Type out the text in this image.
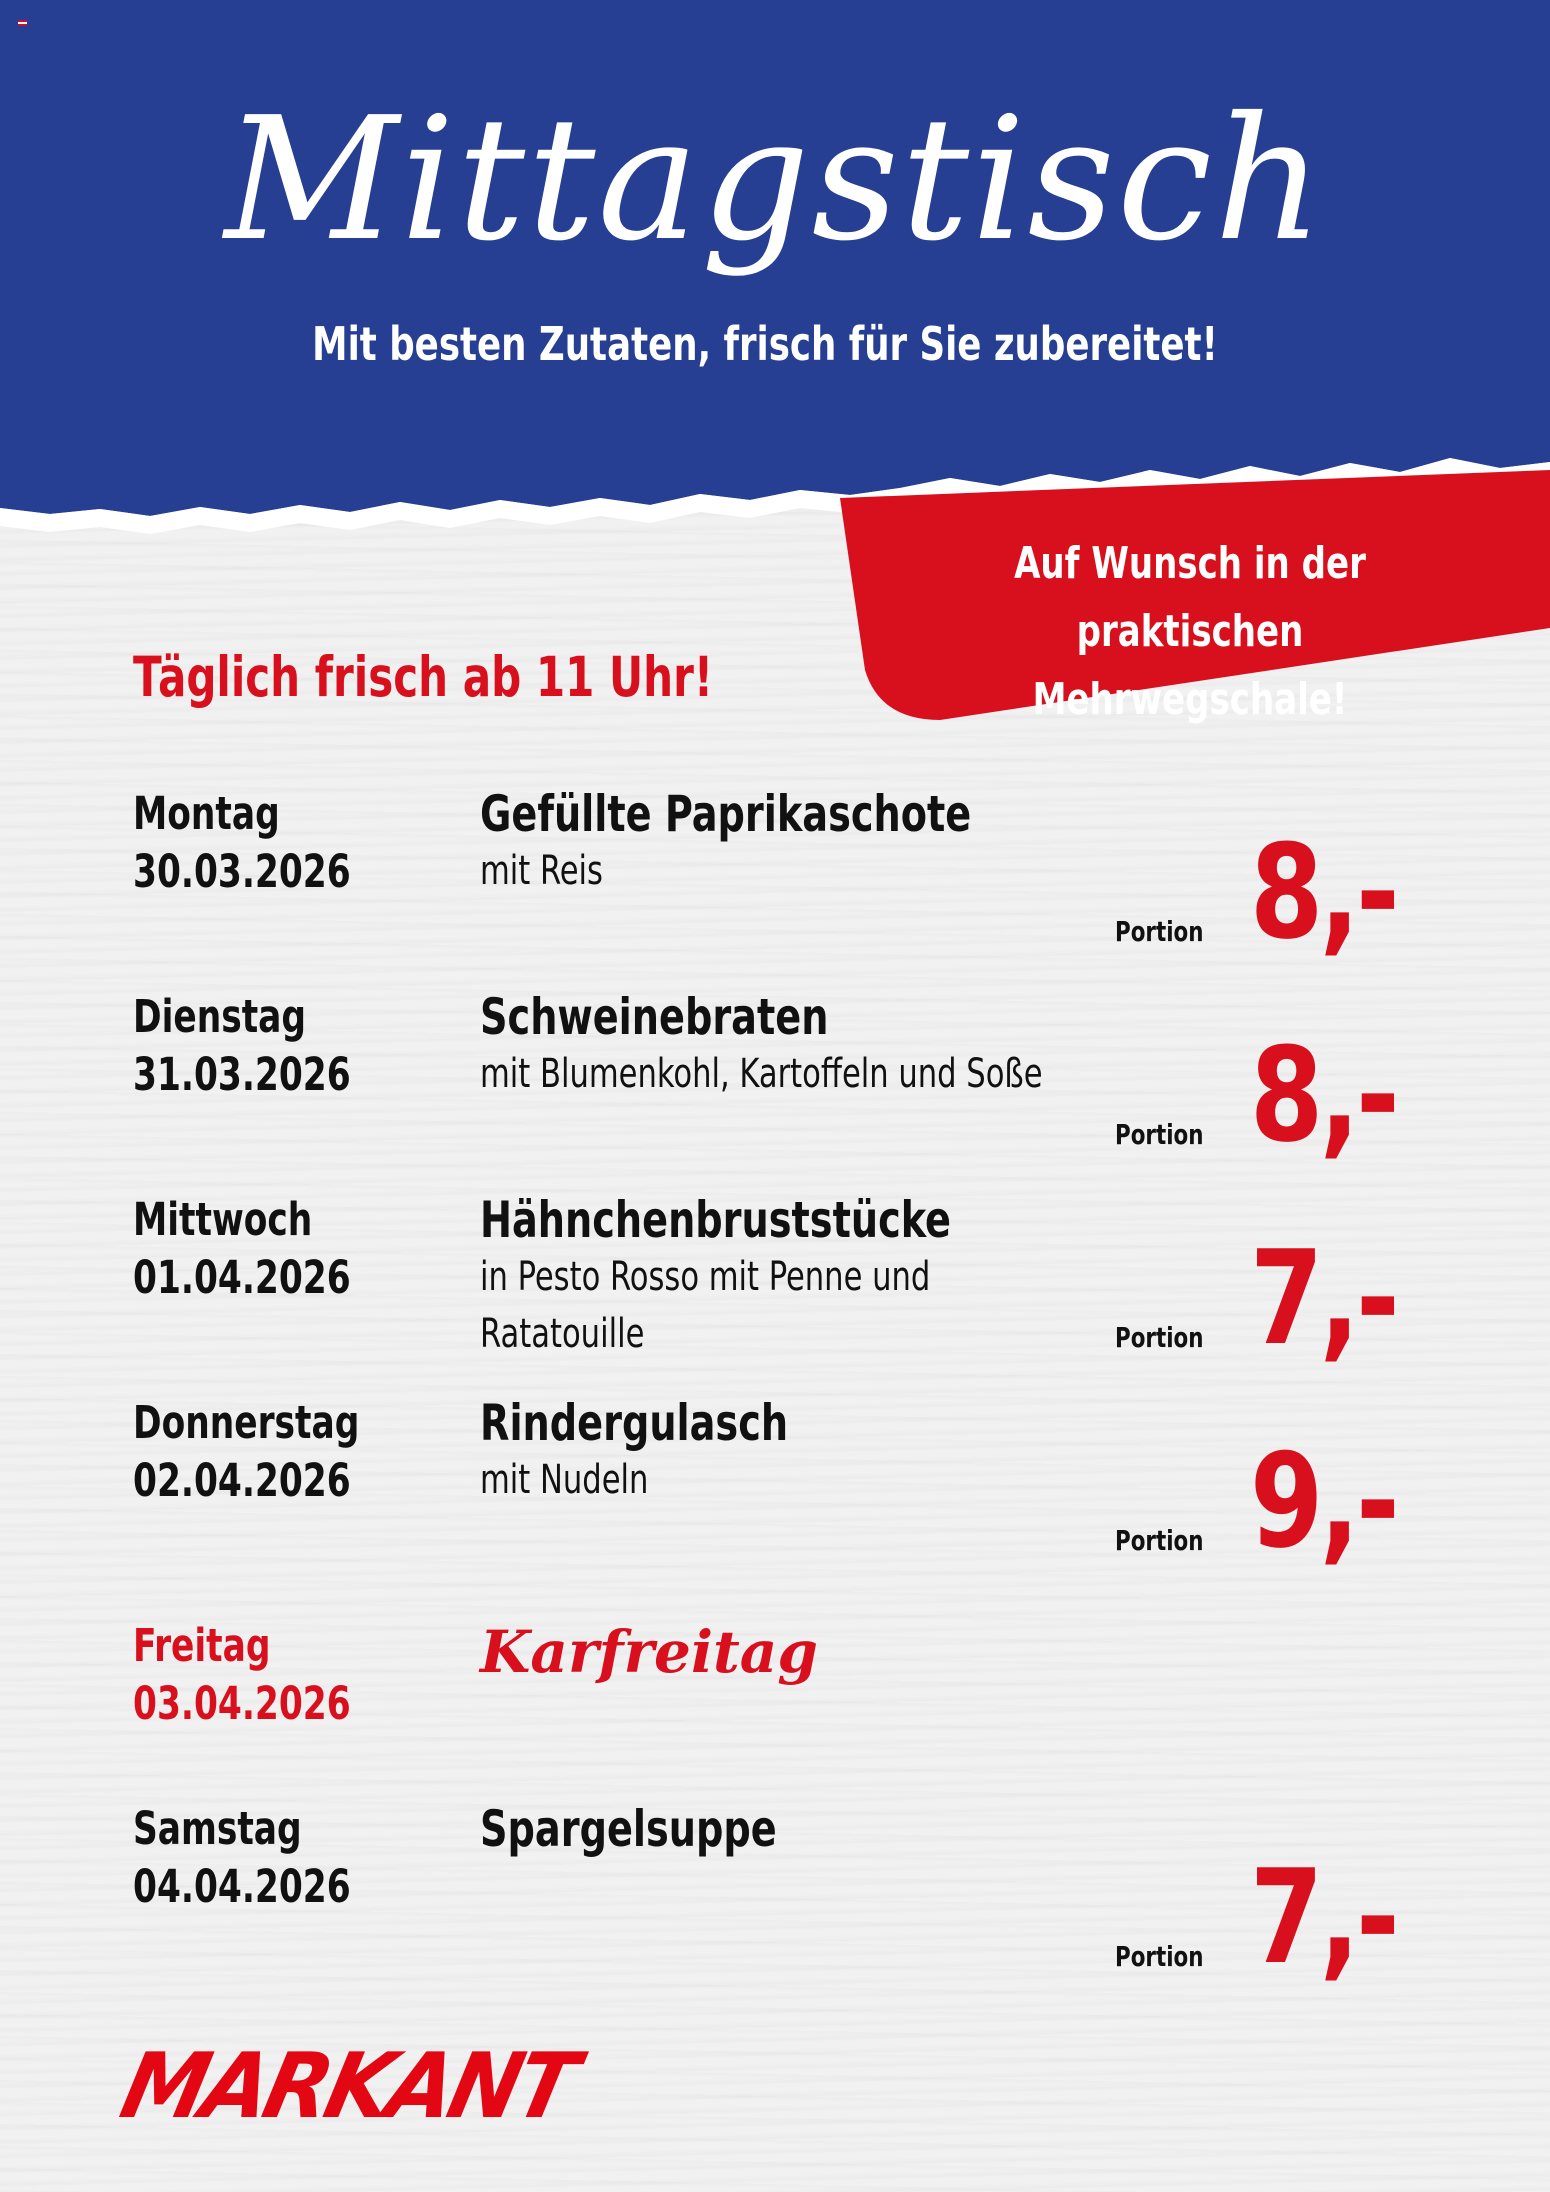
Mittagstisch
Mit besten Zutaten, frisch für Sie zubereitet!
Auf Wunsch in der praktischen
Mehrwegschale!
Täglich frisch ab 11 Uhr!
Montag
30.03.2026
Gefüllte Paprikaschote
mit Reis
Portion 8,-
Dienstag
31.03.2026
Schweinebraten
mit Blumenkohl, Kartoffeln und Soße
Portion 8,-
Mittwoch
01.04.2026
Hähnchenbruststücke
in Pesto Rosso mit Penne und Ratatouille	Portion 7,-
Donnerstag
02.04.2026
Rindergulasch
mit Nudeln
Portion 9,-
Freitag
03.04.2026
Karfreitag
Samstag
04.04.2026
Spargelsuppe
Portion 7,-
MARKANT
